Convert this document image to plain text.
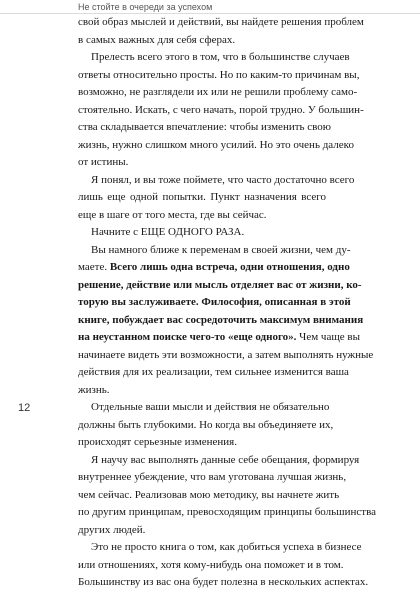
Не стойте в очереди за успехом
свой образ мыслей и действий, вы найдете решения проблем
в самых важных для себя сферах.
Прелесть всего этого в том, что в большинстве случаев
ответы относительно просты. Но по каким-то причинам вы,
возможно, не разглядели их или не решили проблему само-
стоятельно. Искать, с чего начать, порой трудно. У большин-
ства складывается впечатление: чтобы изменить свою
жизнь, нужно слишком много усилий. Но это очень далеко
от истины.
Я понял, и вы тоже поймете, что часто достаточно всего
лишь еще одной попытки. Пункт назначения всего
еще в шаге от того места, где вы сейчас.
Начните с ЕЩЕ ОДНОГО РАЗА.
Вы намного ближе к переменам в своей жизни, чем ду-
маете. Всего лишь одна встреча, одни отношения, одно
решение, действие или мысль отделяет вас от жизни, ко-
торую вы заслуживаете. Философия, описанная в этой
книге, побуждает вас сосредоточить максимум внимания
на неустанном поиске чего-то «еще одного». Чем чаще вы
начинаете видеть эти возможности, а затем выполнять нужные
действия для их реализации, тем сильнее изменится ваша
жизнь.
Отдельные ваши мысли и действия не обязательно
должны быть глубокими. Но когда вы объединяете их,
происходят серьезные изменения.
Я научу вас выполнять данные себе обещания, формируя
внутреннее убеждение, что вам уготована лучшая жизнь,
чем сейчас. Реализовав мою методику, вы начнете жить
по другим принципам, превосходящим принципы большинства
других людей.
Это не просто книга о том, как добиться успеха в бизнесе
или отношениях, хотя кому-нибудь она поможет и в том.
Большинству из вас она будет полезна в нескольких аспектах.
12
